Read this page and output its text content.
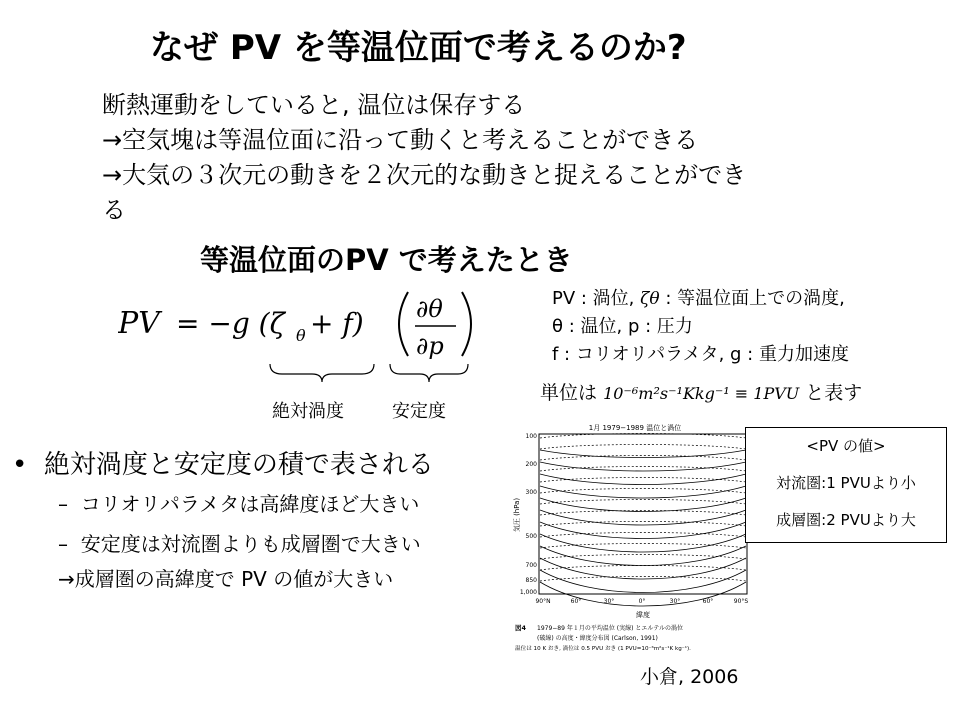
なぜ PV を等温位面で考えるのか?
断熱運動をしていると, 温位は保存する
→空気塊は等温位面に沿って動くと考えることができる
→大気の３次元の動きを２次元的な動きと捉えることができ
る
等温位面のPV で考えたとき
PV = −g (ζ θ + f) ∂θ
∂p
絶対渦度	安定度
PV : 渦位, ζθ : 等温位面上での渦度,
θ : 温位, p : 圧力
f : コリオリパラメタ, g : 重力加速度
単位は 10⁻⁶m²s⁻¹Kkg⁻¹ ≡ 1PVU と表す
•  絶対渦度と安定度の積で表される
–  コリオリパラメタは高緯度ほど大きい
–  安定度は対流圏よりも成層圏で大きい
→成層圏の高緯度で PV の値が大きい
1月 1979−1989 温位と渦位
気圧 (hPa)
100
200
300
500
700
850
1,000
90°N	60°	30°	0°	30°	60°	90°S
緯度
図4 1979−89 年１月の平均温位 (実線) とエルテルの渦位
(破線) の高度・緯度分布図 (Carlson, 1991)
温位は 10 K おき, 渦位は 0.5 PVU おき (1 PVU=10⁻⁶m²s⁻¹K kg⁻¹).
<PV の値>
対流圏:1 PVUより小
成層圏:2 PVUより大
小倉, 2006
